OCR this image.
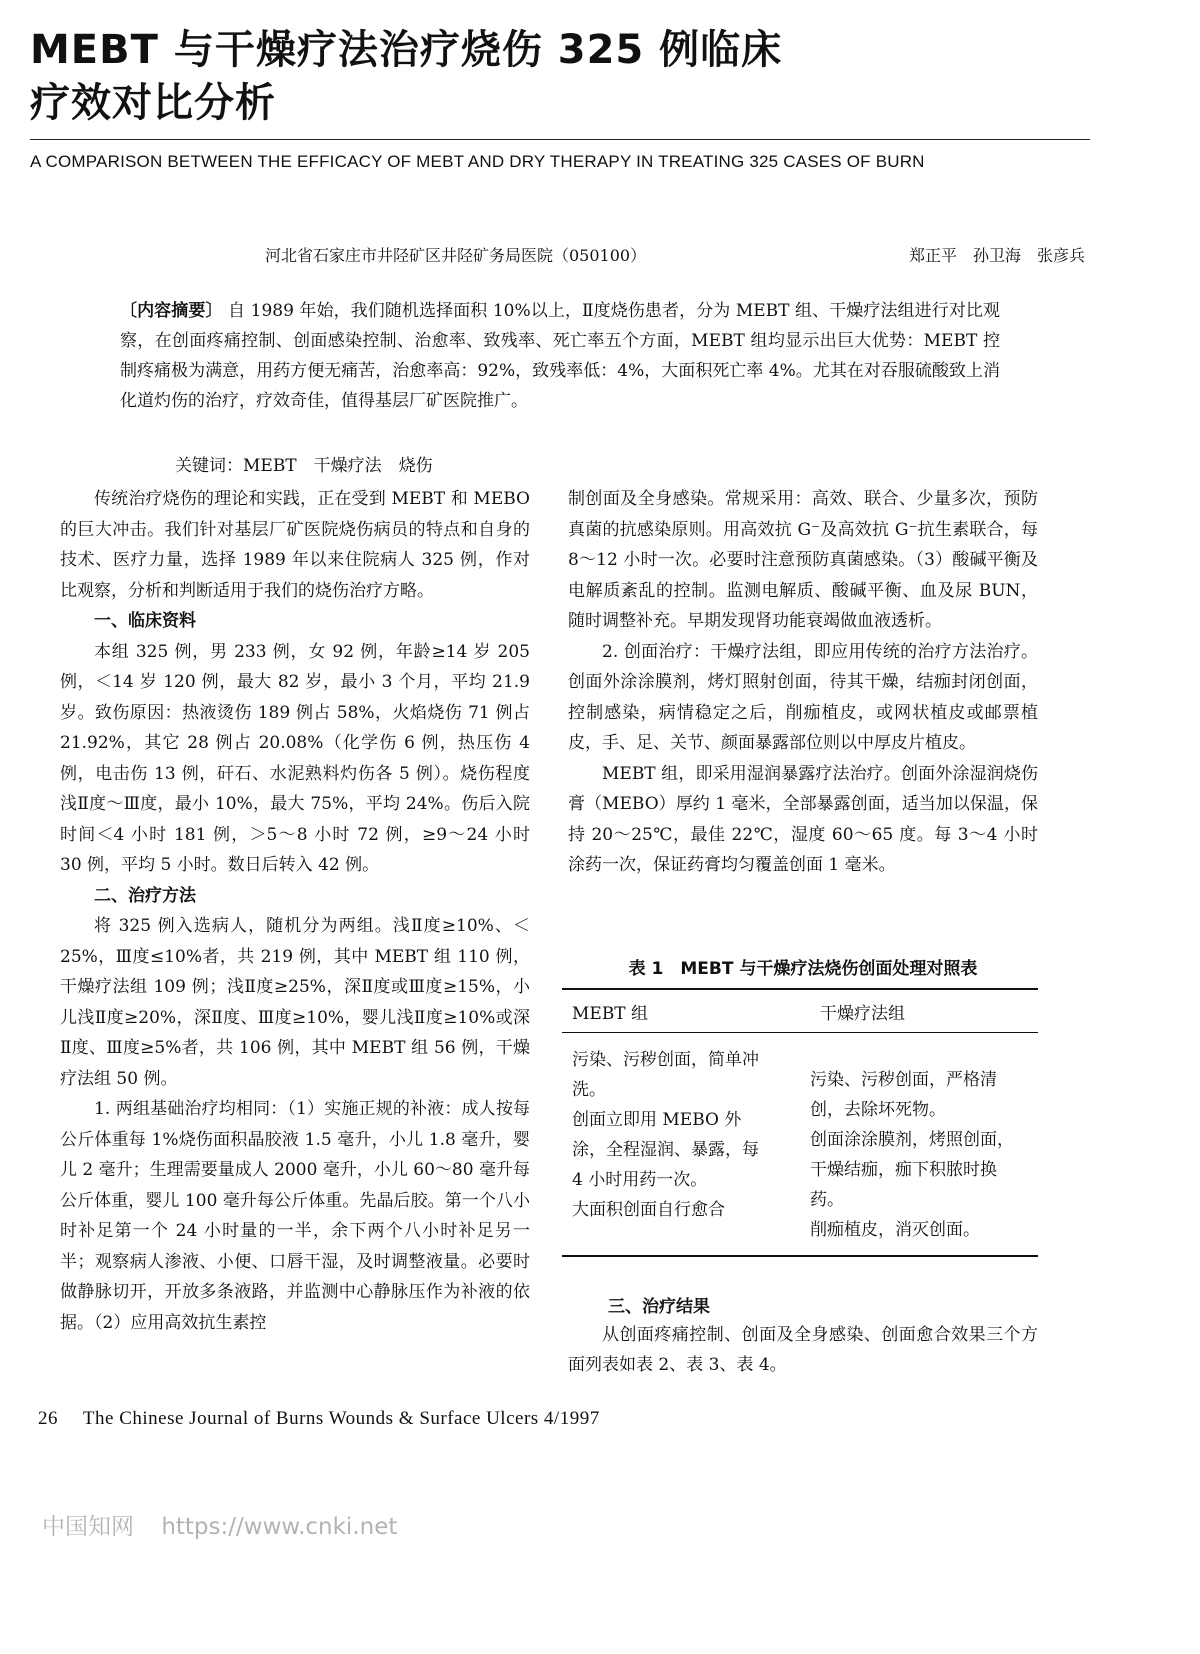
MEBT 与干燥疗法治疗烧伤 325 例临床
疗效对比分析
A COMPARISON BETWEEN THE EFFICACY OF MEBT AND DRY THERAPY IN TREATING 325 CASES OF BURN
河北省石家庄市井陉矿区井陉矿务局医院（050100）	郑正平　孙卫海　张彦兵
〔内容摘要〕 自 1989 年始，我们随机选择面积 10%以上，Ⅱ度烧伤患者，分为 MEBT 组、干燥疗法组进行对比观察，在创面疼痛控制、创面感染控制、治愈率、致残率、死亡率五个方面，MEBT 组均显示出巨大优势：MEBT 控制疼痛极为满意，用药方便无痛苦，治愈率高：92%，致残率低：4%，大面积死亡率 4%。尤其在对吞服硫酸致上消化道灼伤的治疗，疗效奇佳，值得基层厂矿医院推广。
关键词：MEBT　干燥疗法　烧伤

传统治疗烧伤的理论和实践，正在受到 MEBT 和 MEBO 的巨大冲击。我们针对基层厂矿医院烧伤病员的特点和自身的技术、医疗力量，选择 1989 年以来住院病人 325 例，作对比观察，分析和判断适用于我们的烧伤治疗方略。

一、临床资料

本组 325 例，男 233 例，女 92 例，年龄≥14 岁 205 例，＜14 岁 120 例，最大 82 岁，最小 3 个月，平均 21.9 岁。致伤原因：热液烫伤 189 例占 58%，火焰烧伤 71 例占 21.92%，其它 28 例占 20.08%（化学伤 6 例，热压伤 4 例，电击伤 13 例，矸石、水泥熟料灼伤各 5 例）。烧伤程度浅Ⅱ度～Ⅲ度，最小 10%，最大 75%，平均 24%。伤后入院时间＜4 小时 181 例，＞5～8 小时 72 例，≥9～24 小时 30 例，平均 5 小时。数日后转入 42 例。

二、治疗方法

将 325 例入选病人，随机分为两组。浅Ⅱ度≥10%、＜25%，Ⅲ度≤10%者，共 219 例，其中 MEBT 组 110 例，干燥疗法组 109 例；浅Ⅱ度≥25%，深Ⅱ度或Ⅲ度≥15%，小儿浅Ⅱ度≥20%，深Ⅱ度、Ⅲ度≥10%，婴儿浅Ⅱ度≥10%或深Ⅱ度、Ⅲ度≥5%者，共 106 例，其中 MEBT 组 56 例，干燥疗法组 50 例。

1. 两组基础治疗均相同：（1）实施正规的补液：成人按每公斤体重每 1%烧伤面积晶胶液 1.5 毫升，小儿 1.8 毫升，婴儿 2 毫升；生理需要量成人 2000 毫升，小儿 60～80 毫升每公斤体重，婴儿 100 毫升每公斤体重。先晶后胶。第一个八小时补足第一个 24 小时量的一半，余下两个八小时补足另一半；观察病人渗液、小便、口唇干湿，及时调整液量。必要时做静脉切开，开放多条液路，并监测中心静脉压作为补液的依据。（2）应用高效抗生素控

制创面及全身感染。常规采用：高效、联合、少量多次，预防真菌的抗感染原则。用高效抗 G⁻及高效抗 G⁻抗生素联合，每 8～12 小时一次。必要时注意预防真菌感染。（3）酸碱平衡及电解质紊乱的控制。监测电解质、酸碱平衡、血及尿 BUN，随时调整补充。早期发现肾功能衰竭做血液透析。

2. 创面治疗：干燥疗法组，即应用传统的治疗方法治疗。创面外涂涂膜剂，烤灯照射创面，待其干燥，结痂封闭创面，控制感染，病情稳定之后，削痂植皮，或网状植皮或邮票植皮，手、足、关节、颜面暴露部位则以中厚皮片植皮。

MEBT 组，即采用湿润暴露疗法治疗。创面外涂湿润烧伤膏（MEBO）厚约 1 毫米，全部暴露创面，适当加以保温，保持 20～25℃，最佳 22℃，湿度 60～65 度。每 3～4 小时涂药一次，保证药膏均匀覆盖创面 1 毫米。

表 1　MEBT 与干燥疗法烧伤创面处理对照表
MEBT 组	干燥疗法组
污染、污秽创面，简单冲洗。
创面立即用 MEBO 外涂，全程湿润、暴露，每 4 小时用药一次。
大面积创面自行愈合
污染、污秽创面，严格清创，去除坏死物。
创面涂涂膜剂，烤照创面，干燥结痂，痂下积脓时换药。
削痂植皮，消灭创面。
三、治疗结果
从创面疼痛控制、创面及全身感染、创面愈合效果三个方面列表如表 2、表 3、表 4。
26 The Chinese Journal of Burns Wounds & Surface Ulcers 4/1997
中国知网 https://www.cnki.net
